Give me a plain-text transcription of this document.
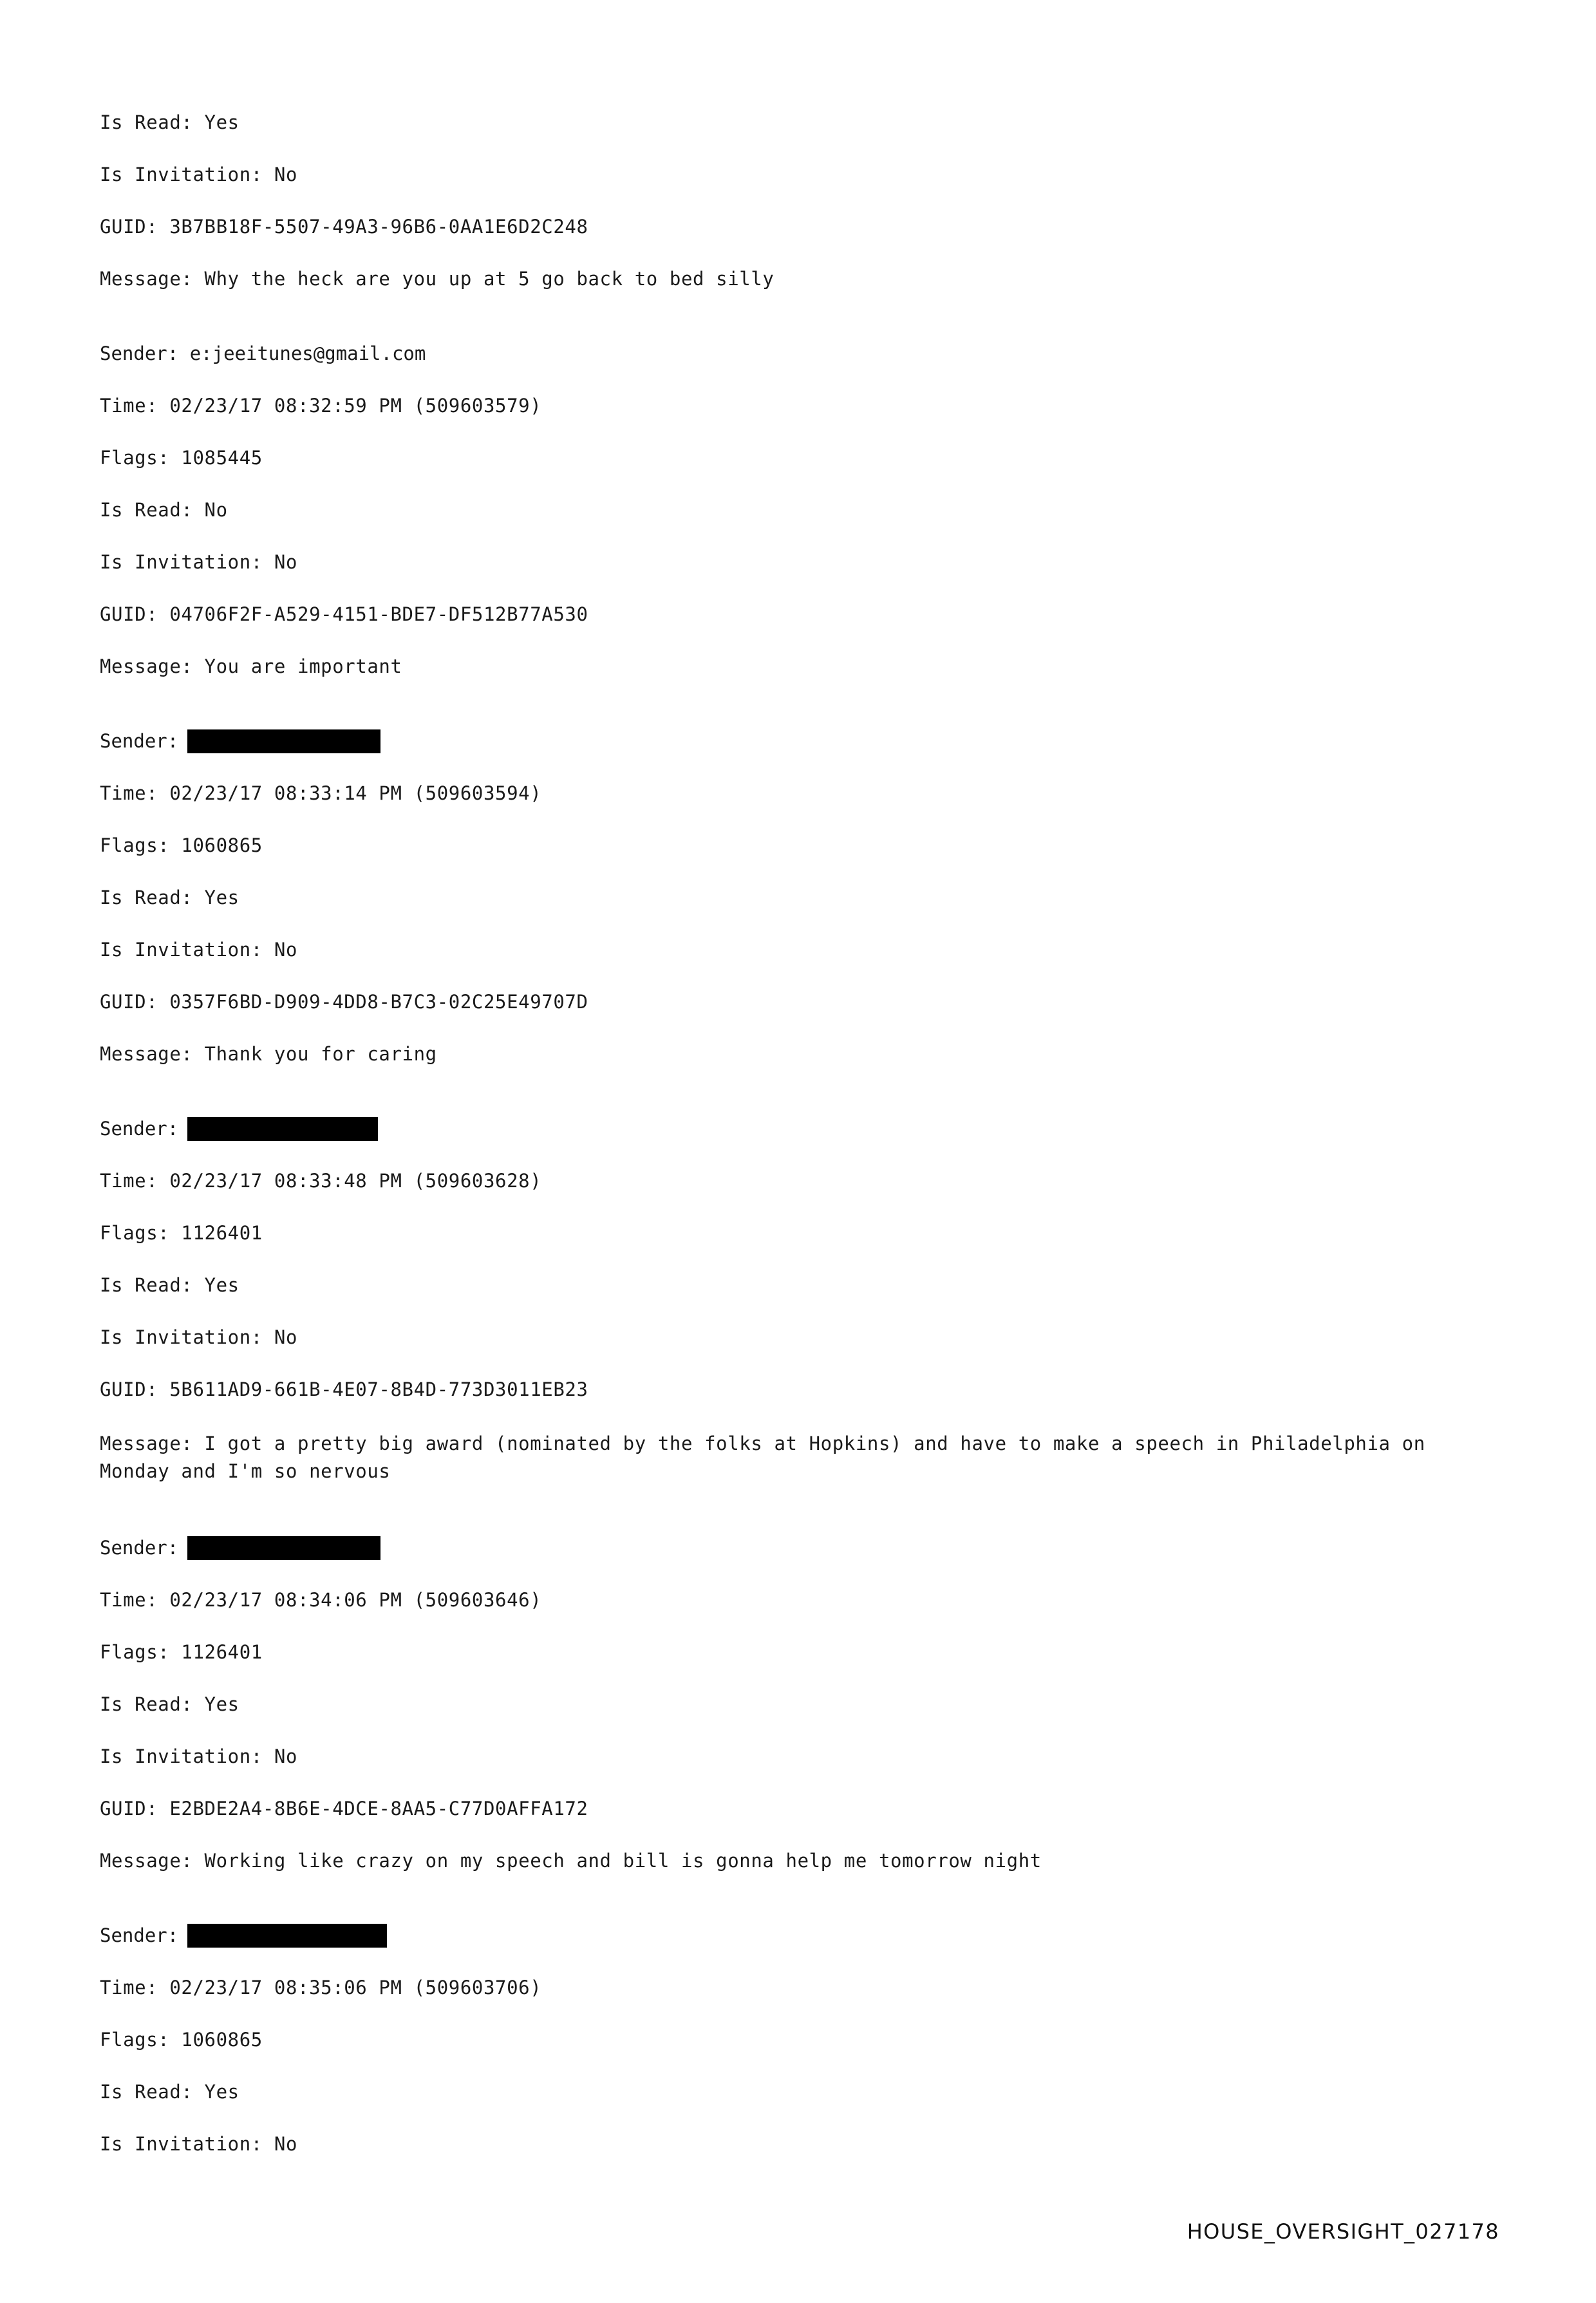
Is Read: Yes
Is Invitation: No
GUID: 3B7BB18F-5507-49A3-96B6-0AA1E6D2C248
Message: Why the heck are you up at 5 go back to bed silly
Sender:
e:jeeitunes@gmail.com
Time: 02/23/17 08:32:59 PM (509603579)
Flags: 1085445
Is Read: No
Is Invitation: No
GUID: 04706F2F-A529-4151-BDE7-DF512B77A530
Message: You are important
Sender:
Time: 02/23/17 08:33:14 PM (509603594)
Flags: 1060865
Is Read: Yes
Is Invitation: No
GUID: 0357F6BD-D909-4DD8-B7C3-02C25E49707D
Message: Thank you for caring
Sender:
Time: 02/23/17 08:33:48 PM (509603628)
Flags: 1126401
Is Read: Yes
Is Invitation: No
GUID: 5B611AD9-661B-4E07-8B4D-773D3011EB23
Message: I got a pretty big award (nominated by the folks at Hopkins) and have to make a speech in Philadelphia on Monday and I'm so nervous
Sender:
Time: 02/23/17 08:34:06 PM (509603646)
Flags: 1126401
Is Read: Yes
Is Invitation: No
GUID: E2BDE2A4-8B6E-4DCE-8AA5-C77D0AFFA172
Message: Working like crazy on my speech and bill is gonna help me tomorrow night
Sender:
Time: 02/23/17 08:35:06 PM (509603706)
Flags: 1060865
Is Read: Yes
Is Invitation: No
HOUSE_OVERSIGHT_027178
